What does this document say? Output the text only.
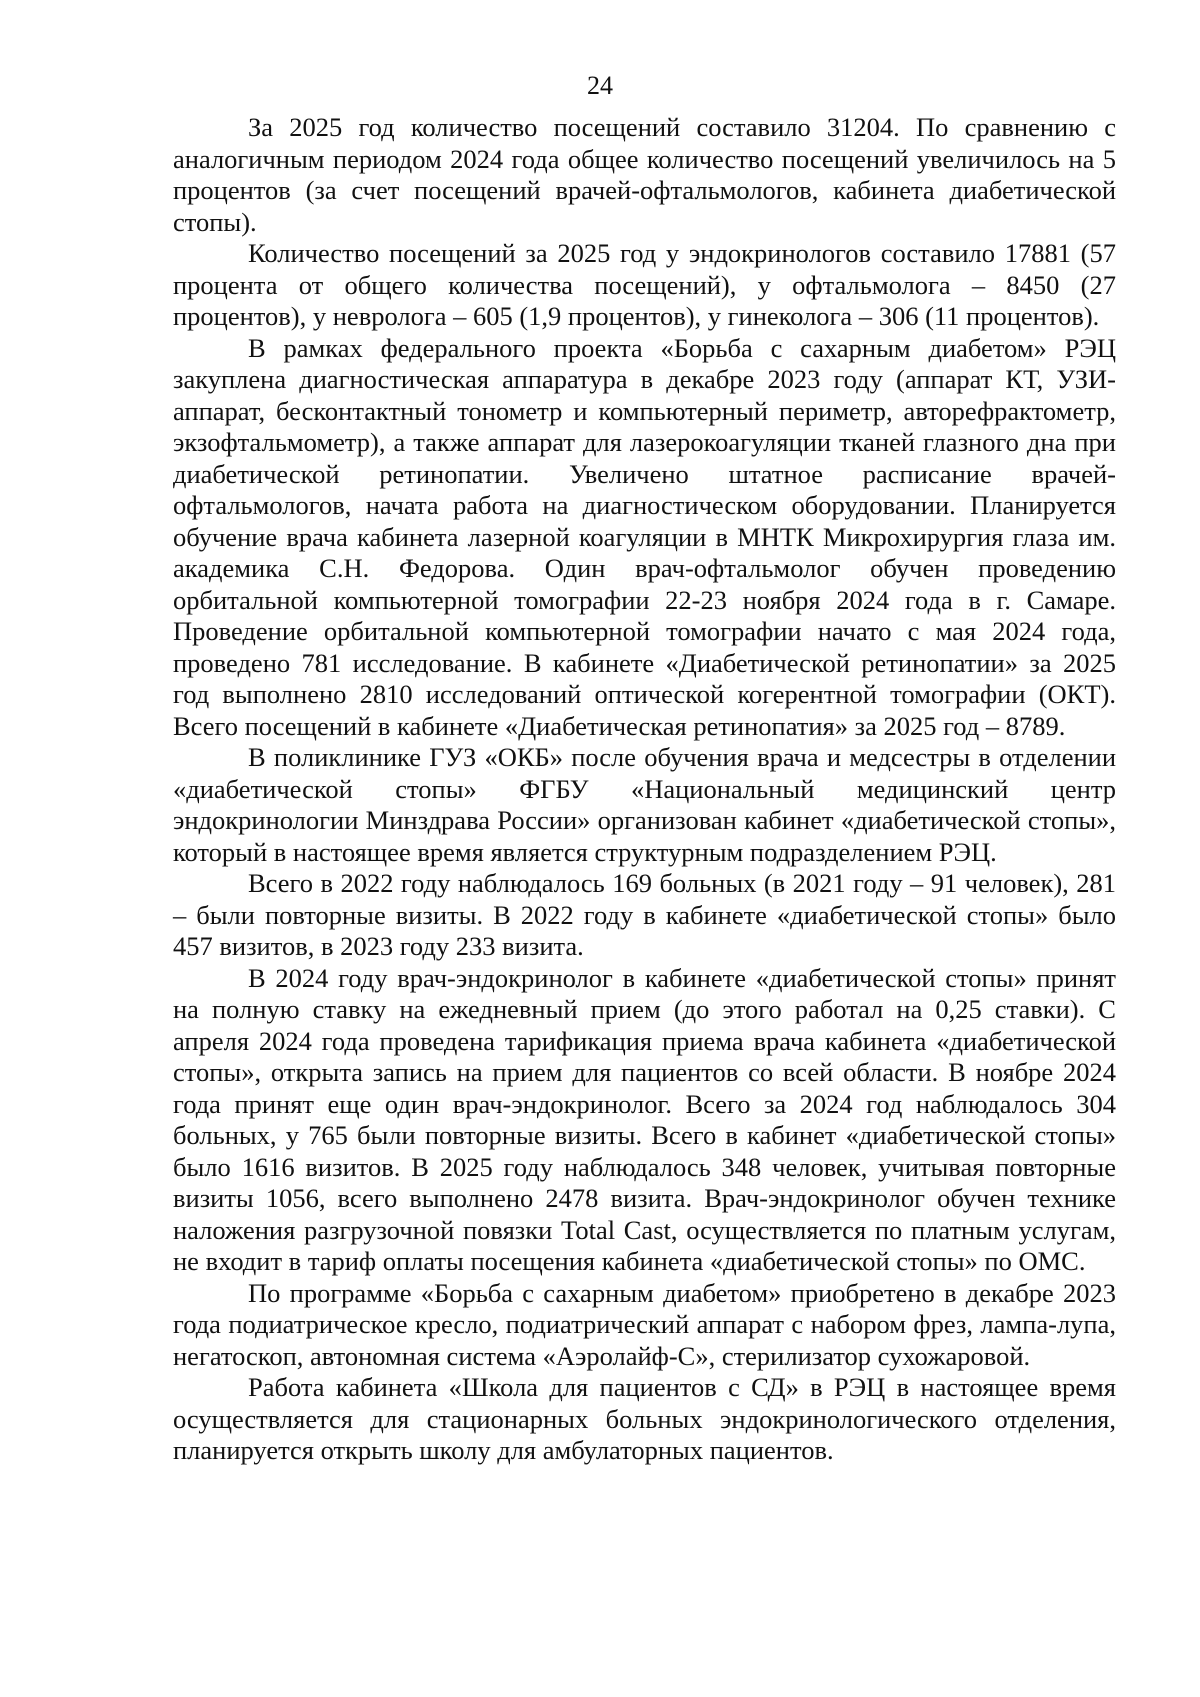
24

За 2025 год количество посещений составило 31204. По сравнению с аналогичным периодом 2024 года общее количество посещений увеличилось на 5 процентов (за счет посещений врачей-офтальмологов, кабинета диабетической стопы).

Количество посещений за 2025 год у эндокринологов составило 17881 (57 процента от общего количества посещений), у офтальмолога – 8450 (27 процентов), у невролога – 605 (1,9 процентов), у гинеколога – 306 (11 процентов).

В рамках федерального проекта «Борьба с сахарным диабетом» РЭЦ закуплена диагностическая аппаратура в декабре 2023 году (аппарат КТ, УЗИ-аппарат, бесконтактный тонометр и компьютерный периметр, авторефрактометр, экзофтальмометр), а также аппарат для лазерокоагуляции тканей глазного дна при диабетической ретинопатии. Увеличено штатное расписание врачей-офтальмологов, начата работа на диагностическом оборудовании. Планируется обучение врача кабинета лазерной коагуляции в МНТК Микрохирургия глаза им. академика С.Н. Федорова. Один врач-офтальмолог обучен проведению орбитальной компьютерной томографии 22-23 ноября 2024 года в г. Самаре. Проведение орбитальной компьютерной томографии начато с мая 2024 года, проведено 781 исследование. В кабинете «Диабетической ретинопатии» за 2025 год выполнено 2810 исследований оптической когерентной томографии (ОКТ). Всего посещений в кабинете «Диабетическая ретинопатия» за 2025 год – 8789.

В поликлинике ГУЗ «ОКБ» после обучения врача и медсестры в отделении «диабетической стопы» ФГБУ «Национальный медицинский центр эндокринологии Минздрава России» организован кабинет «диабетической стопы», который в настоящее время является структурным подразделением РЭЦ.

Всего в 2022 году наблюдалось 169 больных (в 2021 году – 91 человек), 281 – были повторные визиты. В 2022 году в кабинете «диабетической стопы» было 457 визитов, в 2023 году 233 визита.

В 2024 году врач-эндокринолог в кабинете «диабетической стопы» принят на полную ставку на ежедневный прием (до этого работал на 0,25 ставки). С апреля 2024 года проведена тарификация приема врача кабинета «диабетической стопы», открыта запись на прием для пациентов со всей области. В ноябре 2024 года принят еще один врач-эндокринолог. Всего за 2024 год наблюдалось 304 больных, у 765 были повторные визиты. Всего в кабинет «диабетической стопы» было 1616 визитов. В 2025 году наблюдалось 348 человек, учитывая повторные визиты 1056, всего выполнено 2478 визита. Врач-эндокринолог обучен технике наложения разгрузочной повязки Total Cast, осуществляется по платным услугам, не входит в тариф оплаты посещения кабинета «диабетической стопы» по ОМС.

По программе «Борьба с сахарным диабетом» приобретено в декабре 2023 года подиатрическое кресло, подиатрический аппарат с набором фрез, лампа-лупа, негатоскоп, автономная система «Аэролайф-С», стерилизатор сухожаровой.

Работа кабинета «Школа для пациентов с СД» в РЭЦ в настоящее время осуществляется для стационарных больных эндокринологического отделения, планируется открыть школу для амбулаторных пациентов.
